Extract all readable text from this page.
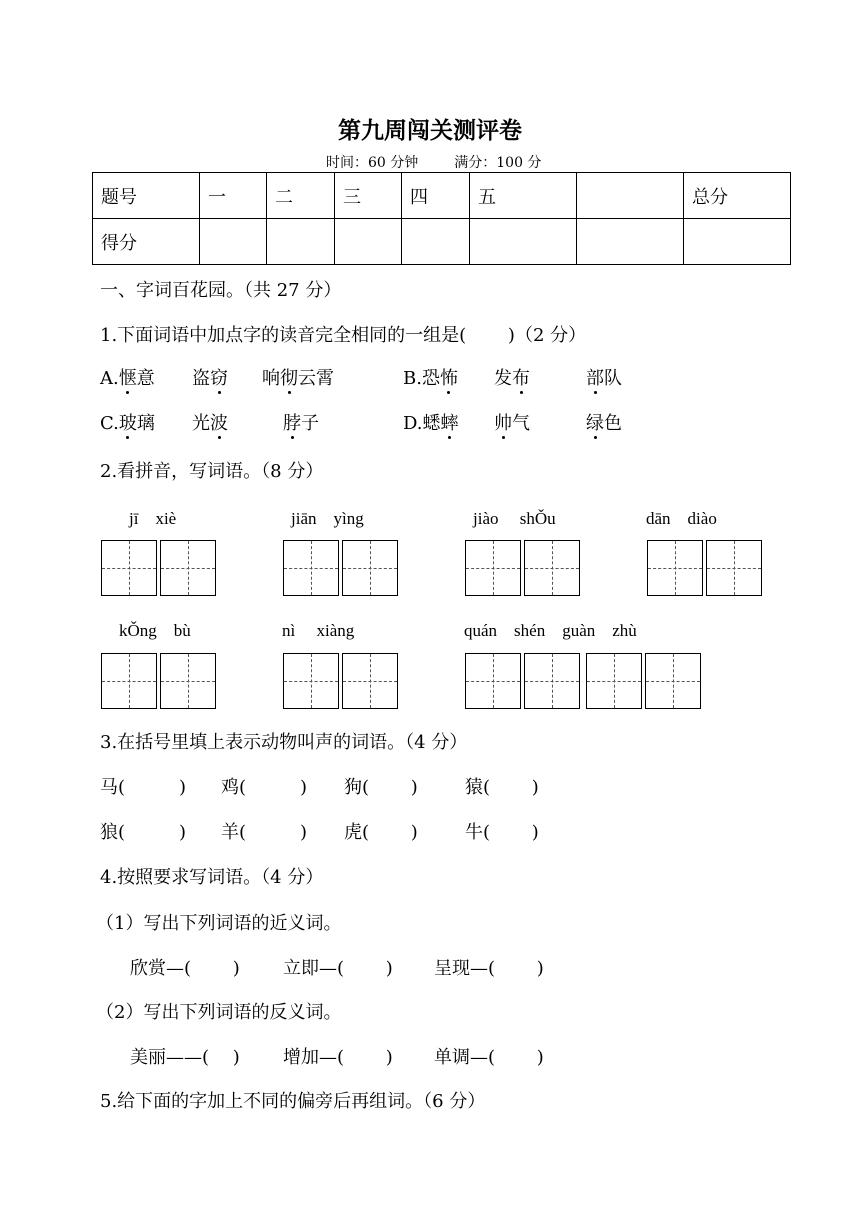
第九周闯关测评卷
时间：60 分钟	满分：100 分
题号	一	二	三	四	五		总分
得分							
一、字词百花园。（共 27 分）
1.下面词语中加点字的读音完全相同的一组是(　　 )（2 分）
A.惬意 盗窃 响彻云霄	B.恐怖 发布	部队
C.玻璃 光波	脖子	D.蟋蟀 帅气	绿色
2.看拼音，写词语。（8 分）
jī　xiè	jiān　yìng	jiào　 shǑu	dān　diào
kǑng　bù	nì　 xiàng	quán　shén　guàn　zhù
3.在括号里填上表示动物叫声的词语。（4 分）
马(　　　) 鸡(　　　) 狗(　　 )	猿(　　 )
狼(　　　) 羊(　　　) 虎(　　 )	牛(　　 )
4.按照要求写词语。（4 分）
（1）写出下列词语的近义词。
欣赏—(　　 ) 立即—(　　 ) 呈现—(　　 )
（2）写出下列词语的反义词。
美丽——(　 ) 增加—(　　 ) 单调—(　　 )
5.给下面的字加上不同的偏旁后再组词。（6 分）
